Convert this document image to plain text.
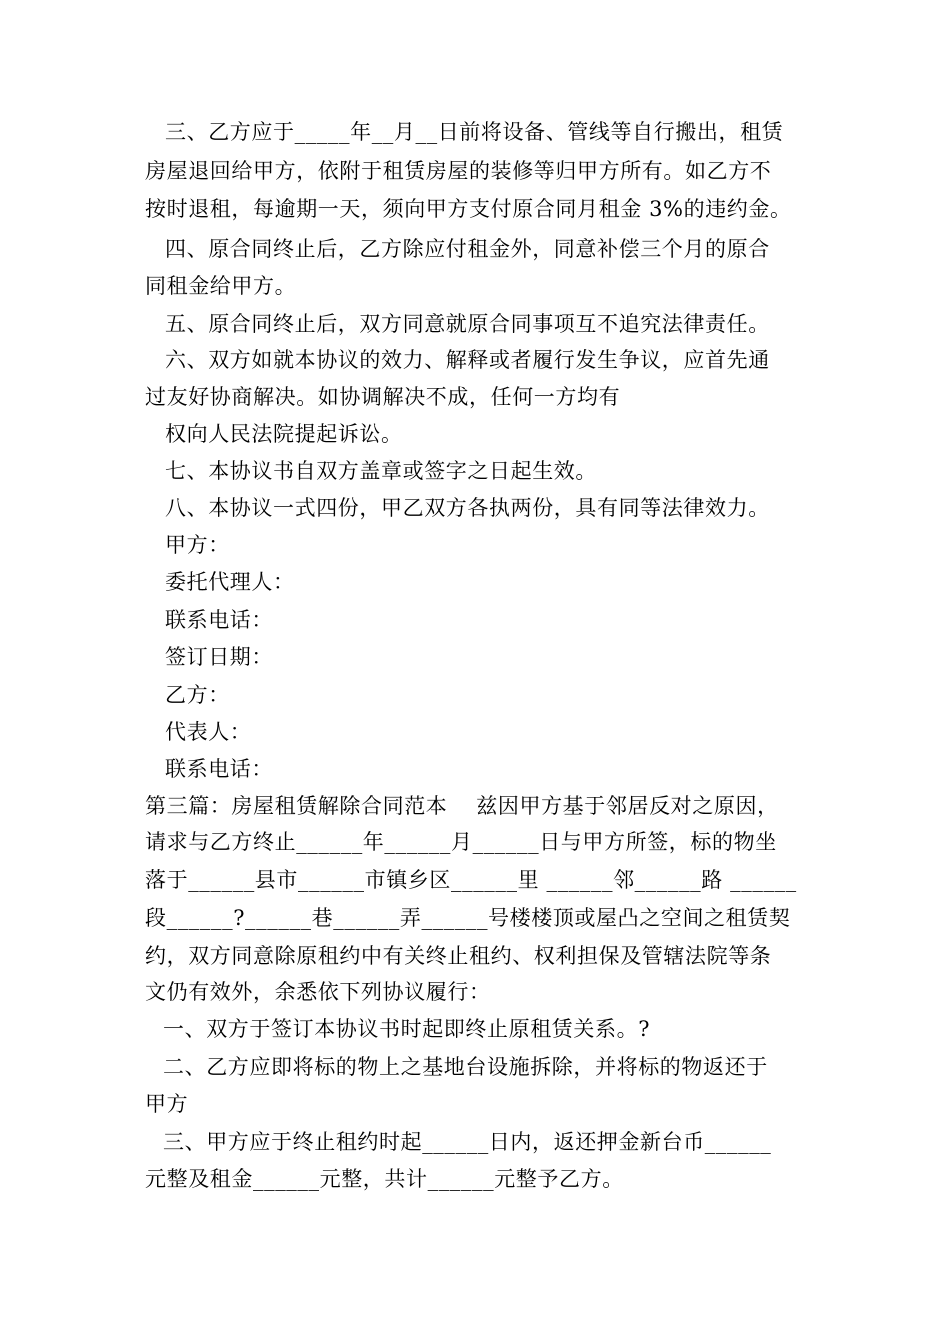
三、乙方应于_____年__月__日前将设备、管线等自行搬出，租赁
房屋退回给甲方，依附于租赁房屋的装修等归甲方所有。如乙方不
按时退租，每逾期一天，须向甲方支付原合同月租金 3%的违约金。
四、原合同终止后，乙方除应付租金外，同意补偿三个月的原合
同租金给甲方。
五、原合同终止后，双方同意就原合同事项互不追究法律责任。
六、双方如就本协议的效力、解释或者履行发生争议，应首先通
过友好协商解决。如协调解决不成，任何一方均有
权向人民法院提起诉讼。
七、本协议书自双方盖章或签字之日起生效。
八、本协议一式四份，甲乙双方各执两份，具有同等法律效力。
甲方：
委托代理人：
联系电话：
签订日期：
乙方：
代表人：
联系电话：
第三篇：房屋租赁解除合同范本　 兹因甲方基于邻居反对之原因，
请求与乙方终止______年______月______日与甲方所签，标的物坐
落于______县市______市镇乡区______里 ______邻______路 ______
段______?______巷______弄______号楼楼顶或屋凸之空间之租赁契
约，双方同意除原租约中有关终止租约、权利担保及管辖法院等条
文仍有效外，余悉依下列协议履行：
一、双方于签订本协议书时起即终止原租赁关系。?
二、乙方应即将标的物上之基地台设施拆除，并将标的物返还于
甲方
三、甲方应于终止租约时起______日内，返还押金新台币______
元整及租金______元整，共计______元整予乙方。
